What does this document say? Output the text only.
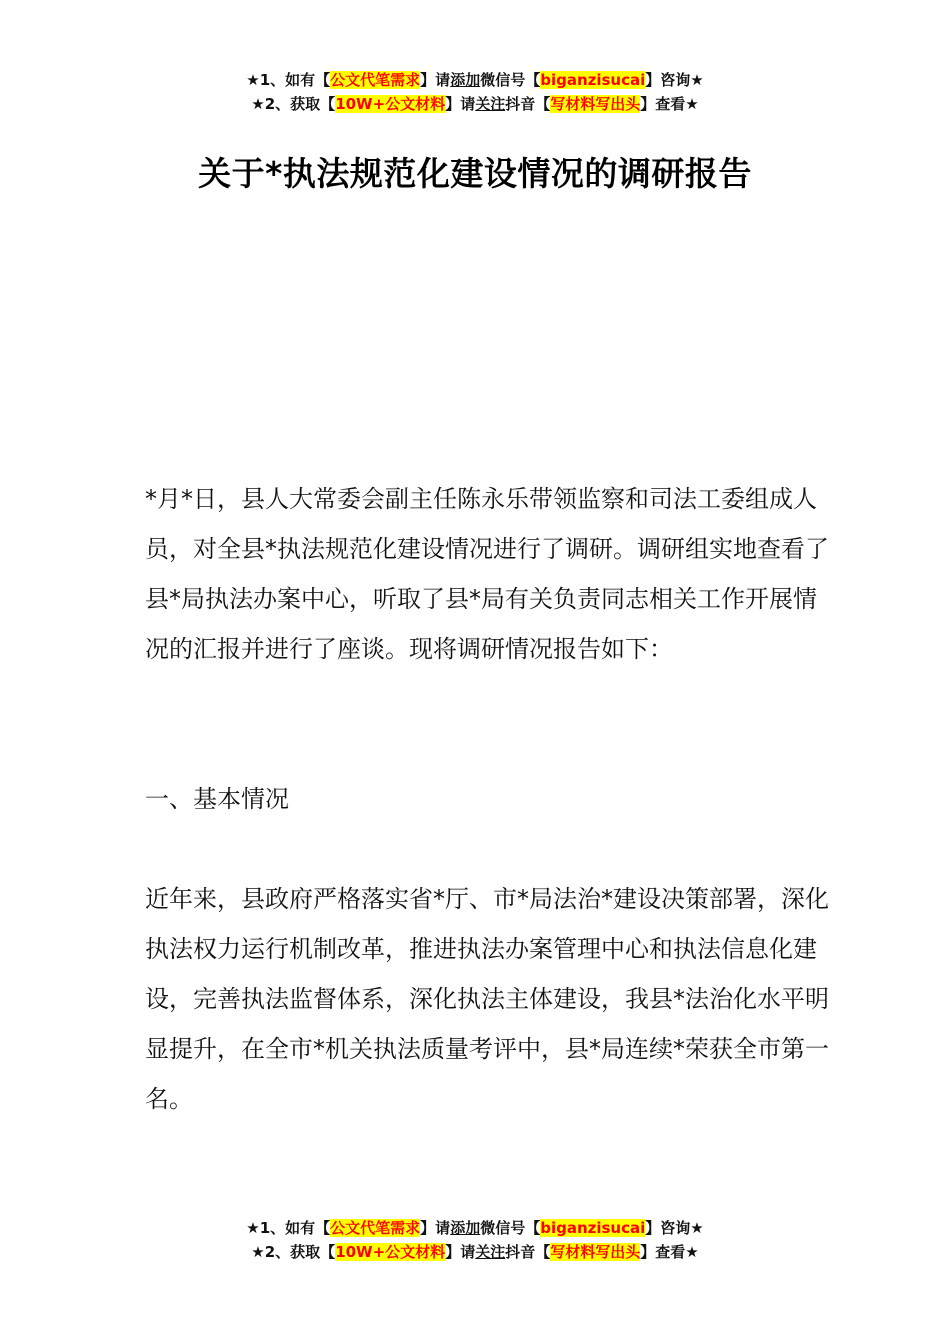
★1、如有【公文代笔需求】请添加微信号【biganzisucai】咨询★
★2、获取【10W+公文材料】请关注抖音【写材料写出头】查看★
关于*执法规范化建设情况的调研报告
*月*日，县人大常委会副主任陈永乐带领监察和司法工委组成人员，对全县*执法规范化建设情况进行了调研。调研组实地查看了县*局执法办案中心，听取了县*局有关负责同志相关工作开展情况的汇报并进行了座谈。现将调研情况报告如下：
一、基本情况
近年来，县政府严格落实省*厅、市*局法治*建设决策部署，深化执法权力运行机制改革，推进执法办案管理中心和执法信息化建设，完善执法监督体系，深化执法主体建设，我县*法治化水平明显提升，在全市*机关执法质量考评中，县*局连续*荣获全市第一名。
★1、如有【公文代笔需求】请添加微信号【biganzisucai】咨询★
★2、获取【10W+公文材料】请关注抖音【写材料写出头】查看★
